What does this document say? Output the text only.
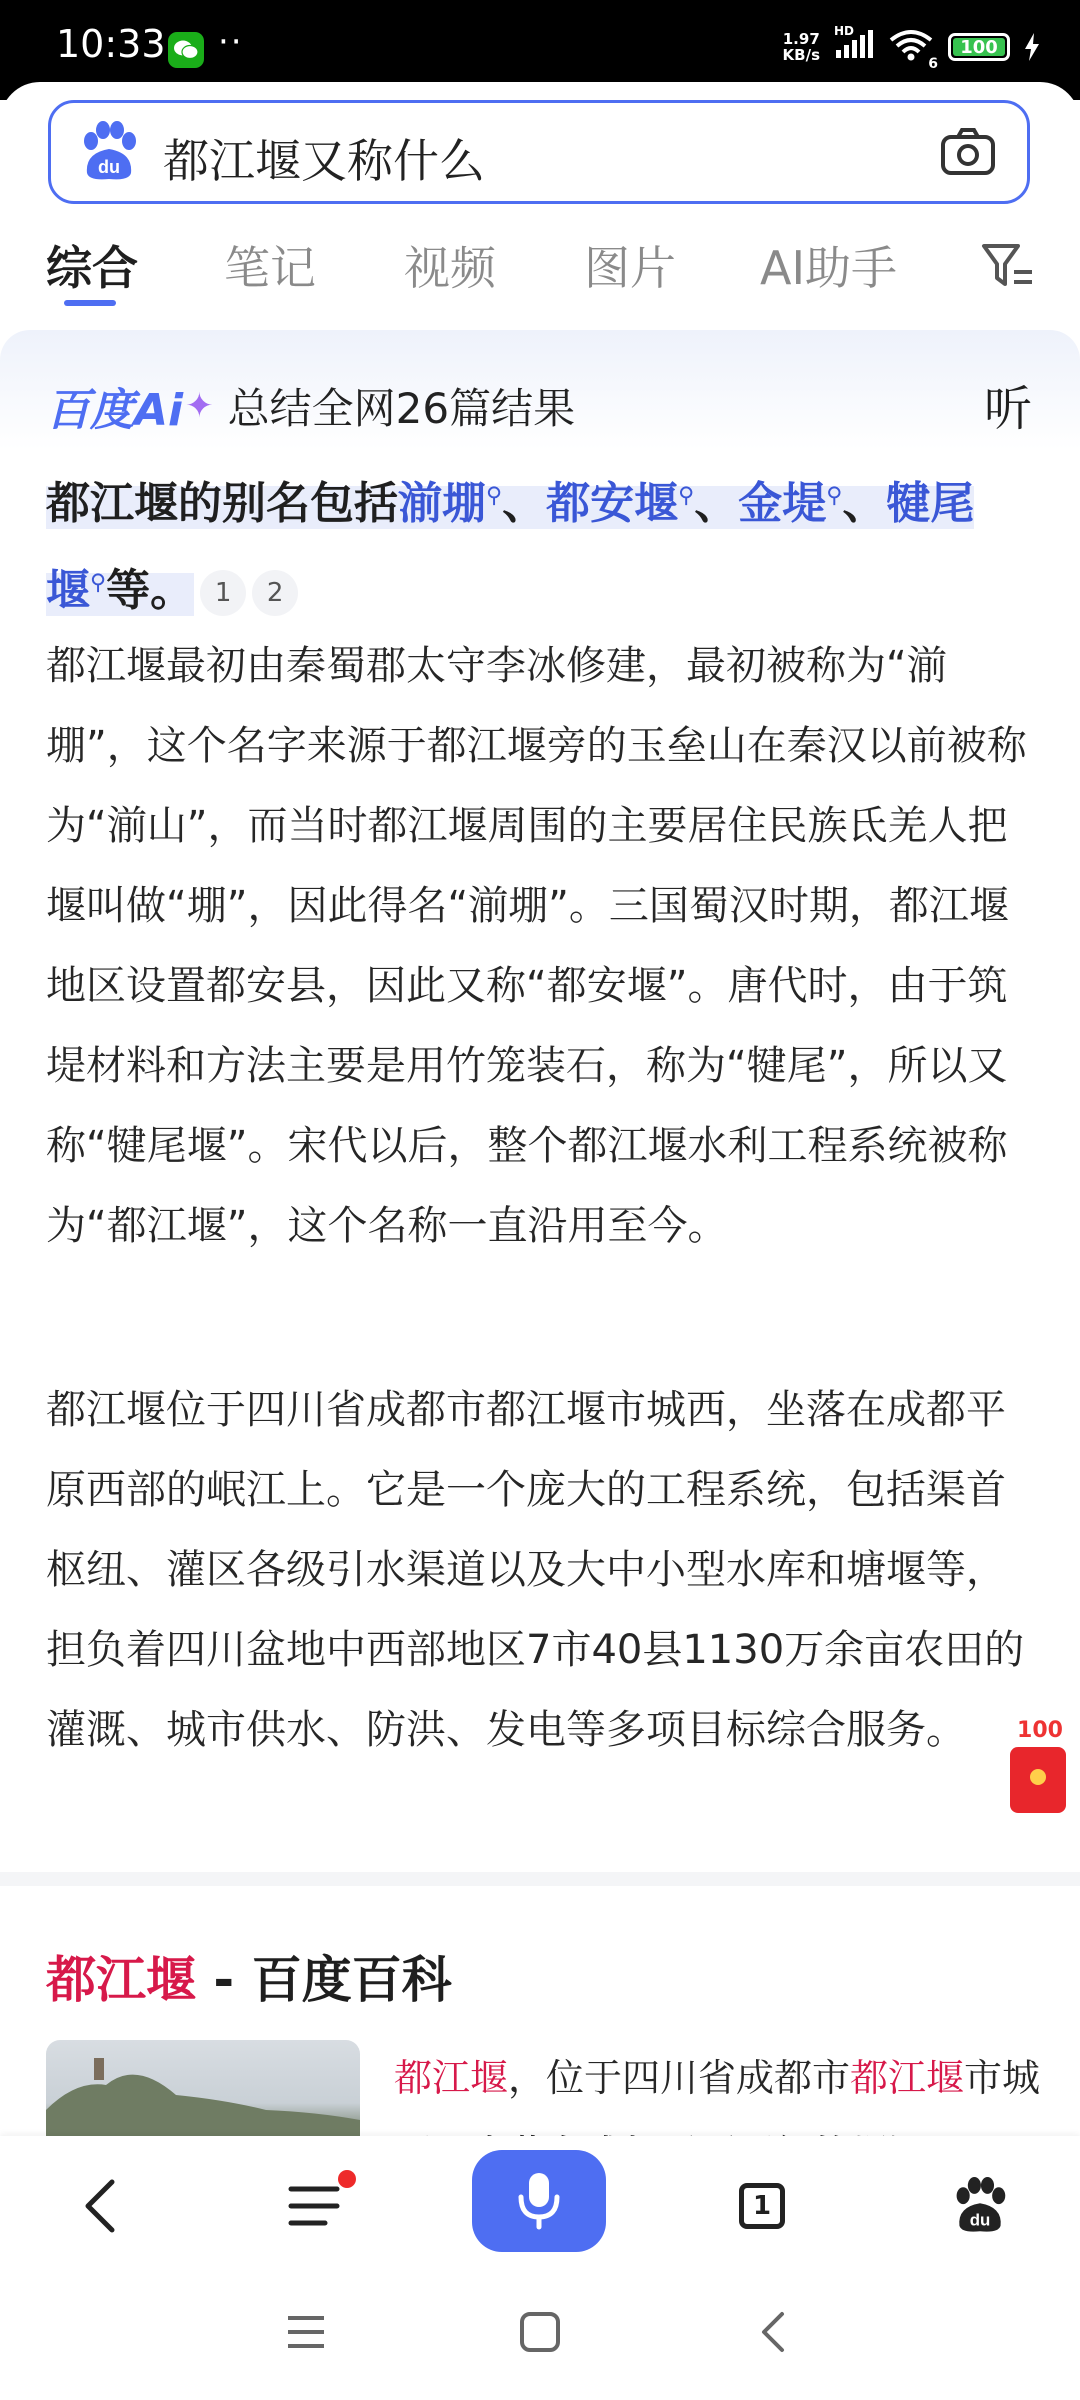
10:33 ··	1.97
KB/s
HD
6
100
du 都江堰又称什么
综合 笔记 视频 图片 AI助手
百度Ai ✦ 总结全网26篇结果	听
都江堰的别名包括湔堋⚲、都安堰⚲、金堤⚲、犍尾堰⚲等。 1 2
都江堰最初由秦蜀郡太守李冰修建，最初被称为“湔堋”，这个名字来源于都江堰旁的玉垒山在秦汉以前被称为“湔山”，而当时都江堰周围的主要居住民族氐羌人把堰叫做“堋”，因此得名“湔堋”。三国蜀汉时期，都江堰地区设置都安县，因此又称“都安堰”。唐代时，由于筑堤材料和方法主要是用竹笼装石，称为“犍尾”，所以又称“犍尾堰”。宋代以后，整个都江堰水利工程系统被称为“都江堰”，这个名称一直沿用至今。
都江堰位于四川省成都市都江堰市城西，坐落在成都平原西部的岷江上。它是一个庞大的工程系统，包括渠首枢纽、灌区各级引水渠道以及大中小型水库和塘堰等，担负着四川盆地中西部地区7市40县1130万余亩农田的灌溉、城市供水、防洪、发电等多项目标综合服务。	100
都江堰 - 百度百科
都江堰，位于四川省成都市都江堰市城
1	du
